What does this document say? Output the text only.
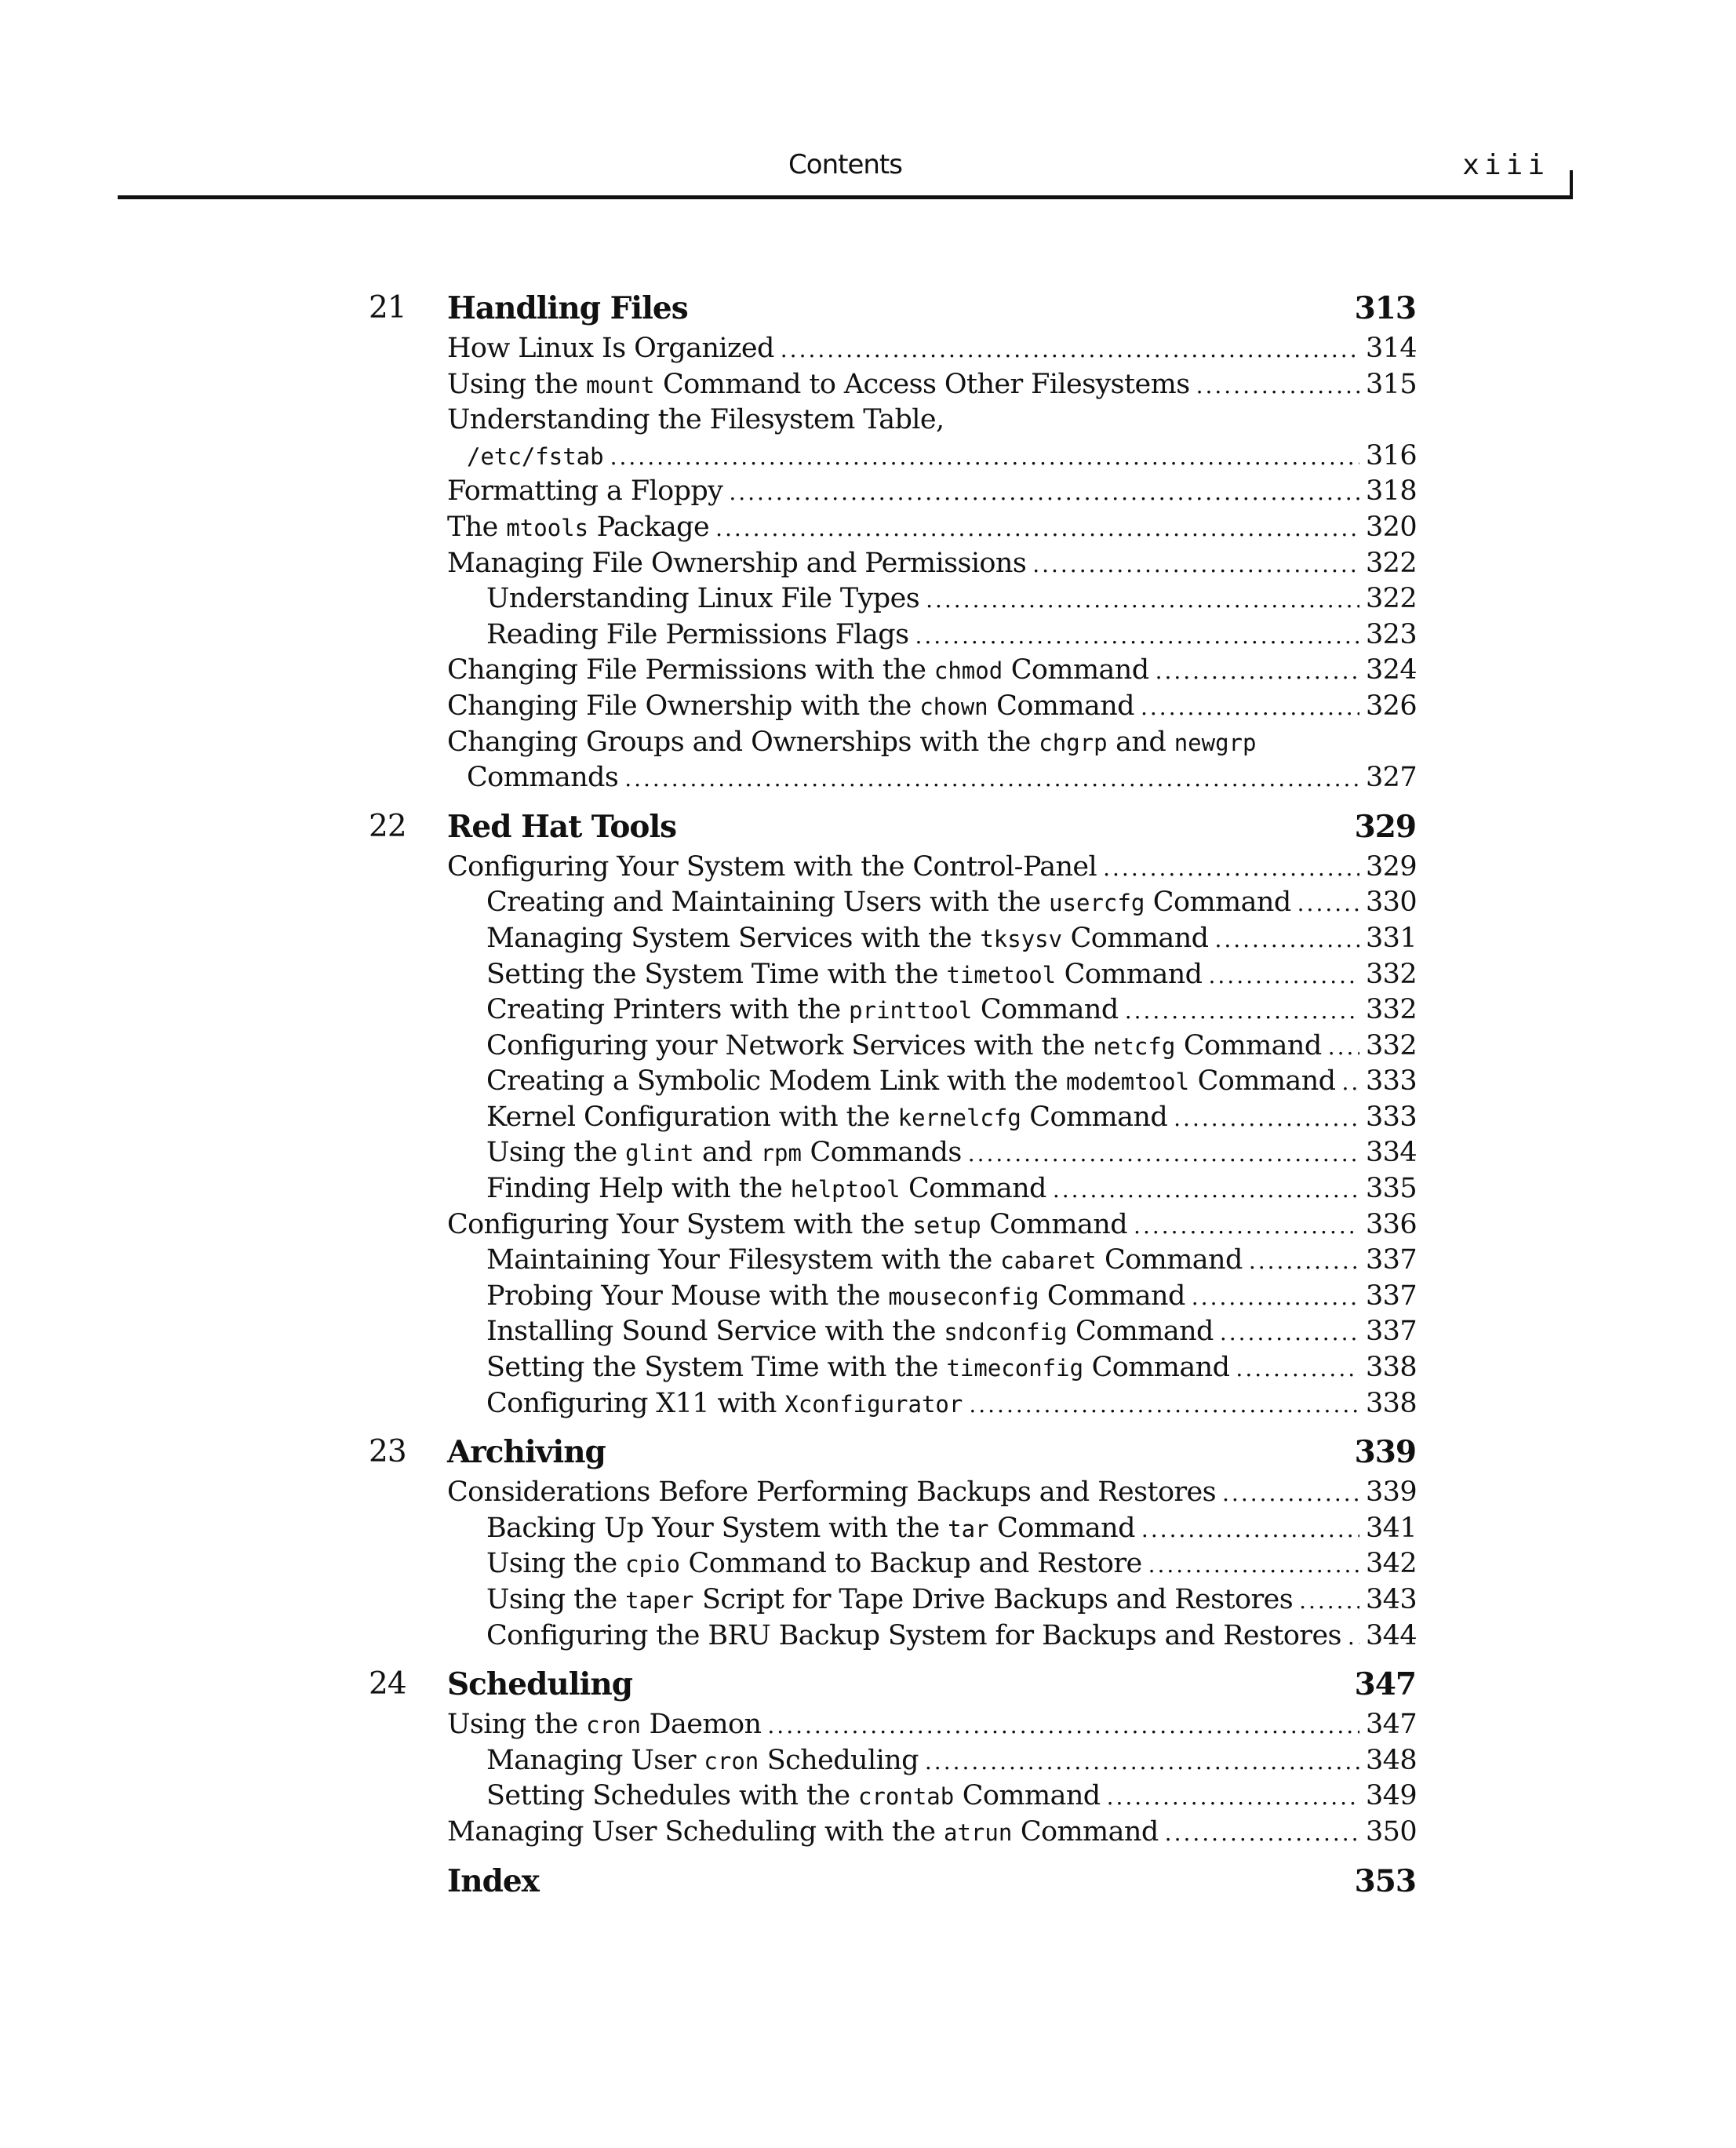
Contents	xiii
21 Handling Files	313
How Linux Is Organized .....	314
Using the mount Command to Access Other Filesystems .....	315
Understanding the Filesystem Table,
/etc/fstab .....	316
Formatting a Floppy .....	318
The mtools Package .....	320
Managing File Ownership and Permissions .....	322
Understanding Linux File Types .....	322
Reading File Permissions Flags .....	323
Changing File Permissions with the chmod Command .....	324
Changing File Ownership with the chown Command .....	326
Changing Groups and Ownerships with the chgrp and newgrp
Commands .....	327
22 Red Hat Tools	329
Configuring Your System with the Control-Panel .....	329
Creating and Maintaining Users with the usercfg Command .....	330
Managing System Services with the tksysv Command .....	331
Setting the System Time with the timetool Command .....	332
Creating Printers with the printtool Command .....	332
Configuring your Network Services with the netcfg Command ..... 332
Creating a Symbolic Modem Link with the modemtool Command ..... 333
Kernel Configuration with the kernelcfg Command .....	333
Using the glint and rpm Commands .....	334
Finding Help with the helptool Command .....	335
Configuring Your System with the setup Command .....	336
Maintaining Your Filesystem with the cabaret Command .....	337
Probing Your Mouse with the mouseconfig Command .....	337
Installing Sound Service with the sndconfig Command .....	337
Setting the System Time with the timeconfig Command .....	338
Configuring X11 with Xconfigurator .....	338
23 Archiving	339
Considerations Before Performing Backups and Restores .....	339
Backing Up Your System with the tar Command .....	341
Using the cpio Command to Backup and Restore .....	342
Using the taper Script for Tape Drive Backups and Restores .....	343
Configuring the BRU Backup System for Backups and Restores ..... 344
24 Scheduling	347
Using the cron Daemon .....	347
Managing User cron Scheduling .....	348
Setting Schedules with the crontab Command .....	349
Managing User Scheduling with the atrun Command .....	350
Index	353
